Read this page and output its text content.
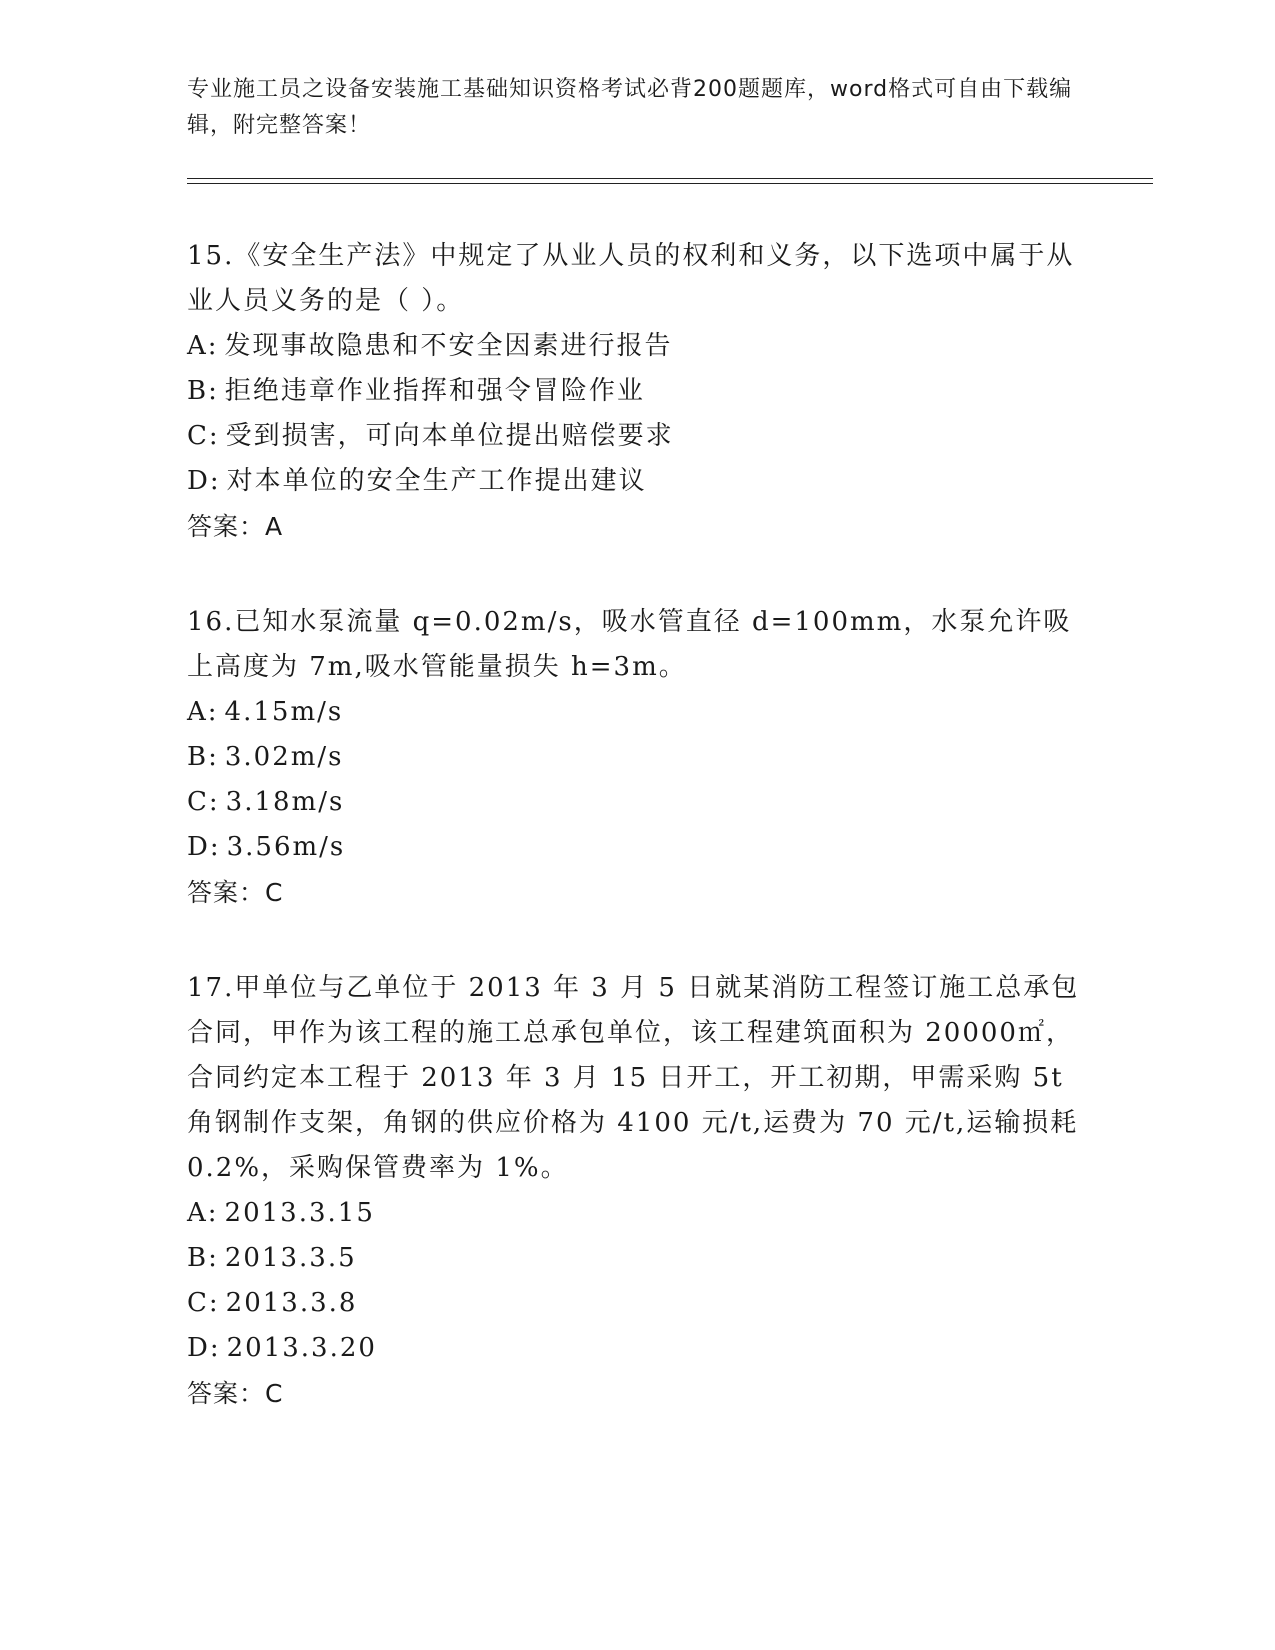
专业施工员之设备安装施工基础知识资格考试必背200题题库，word格式可自由下载编辑，附完整答案！

15.《安全生产法》中规定了从业人员的权利和义务，以下选项中属于从业人员义务的是（ ）。

A: 发现事故隐患和不安全因素进行报告
B: 拒绝违章作业指挥和强令冒险作业
C: 受到损害，可向本单位提出赔偿要求
D: 对本单位的安全生产工作提出建议
答案：A

16.已知水泵流量 q=0.02m/s，吸水管直径 d=100mm，水泵允许吸上高度为 7m,吸水管能量损失 h=3m。

A: 4.15m/s
B: 3.02m/s
C: 3.18m/s
D: 3.56m/s
答案：C

17.甲单位与乙单位于 2013 年 3 月 5 日就某消防工程签订施工总承包合同，甲作为该工程的施工总承包单位，该工程建筑面积为 20000㎡，合同约定本工程于 2013 年 3 月 15 日开工，开工初期，甲需采购 5t 角钢制作支架，角钢的供应价格为 4100 元/t,运费为 70 元/t,运输损耗 0.2%，采购保管费率为 1%。

A: 2013.3.15
B: 2013.3.5
C: 2013.3.8
D: 2013.3.20
答案：C
